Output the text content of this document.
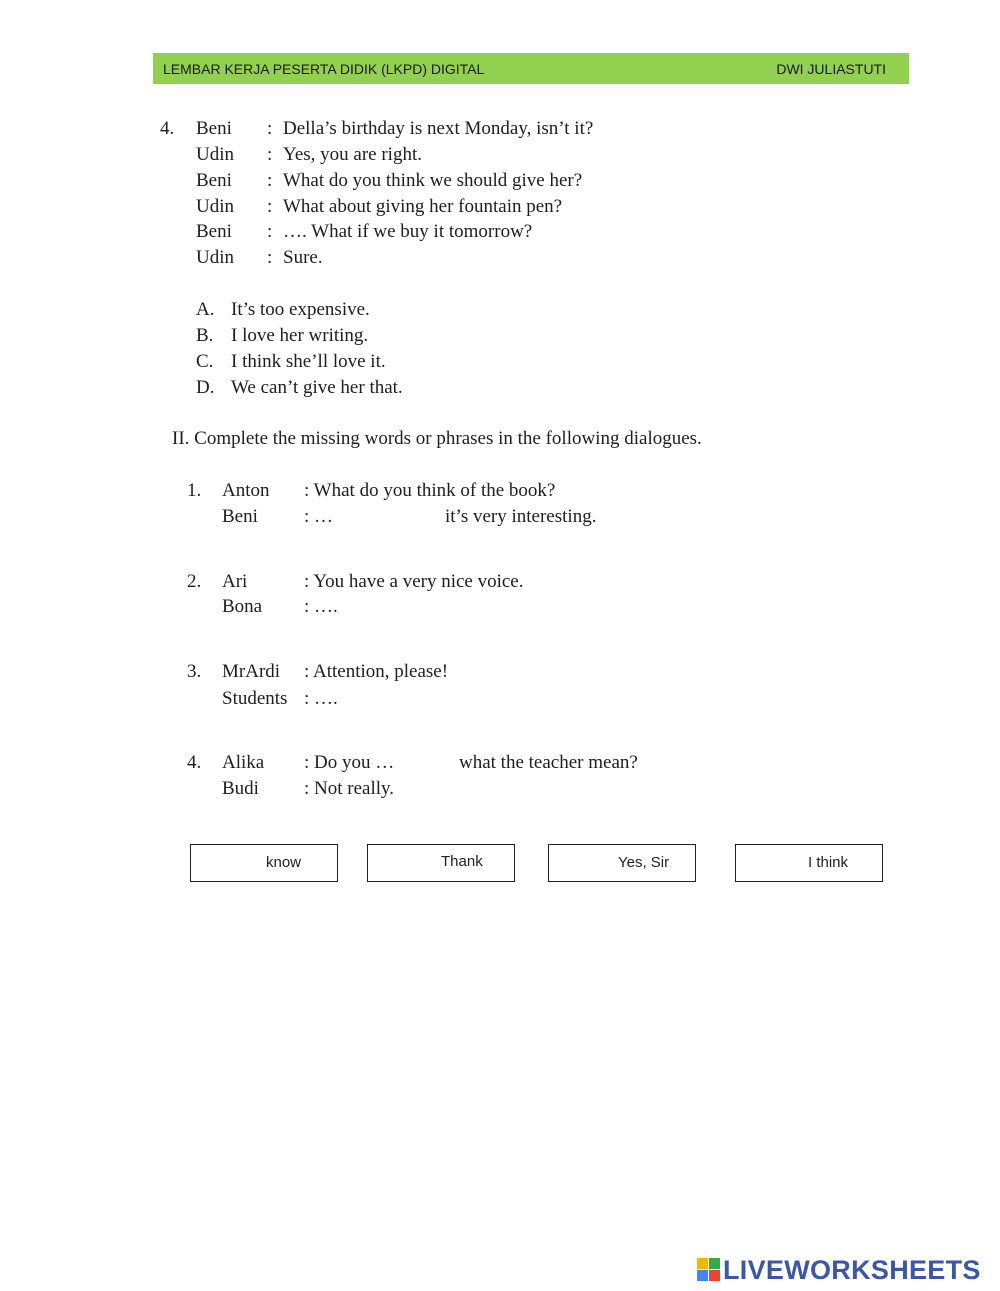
LEMBAR KERJA PESERTA DIDIK (LKPD) DIGITAL	DWI JULIASTUTI
4. Beni : Della’s birthday is next Monday, isn’t it?
Udin : Yes, you are right.
Beni : What do you think we should give her?
Udin : What about giving her fountain pen?
Beni : …. What if we buy it tomorrow?
Udin : Sure.
A. It’s too expensive.
B. I love her writing.
C. I think she’ll love it.
D. We can’t give her that.
II. Complete the missing words or phrases in the following dialogues.
1. Anton : What do you think of the book?
Beni : …	it’s very interesting.
2. Ari	: You have a very nice voice.
Bona : ….
3. MrArdi : Attention, please!
Students : ….
4. Alika : Do you …	what the teacher mean?
Budi : Not really.
know	Thank	Yes, Sir	I think
LIVEWORKSHEETS
